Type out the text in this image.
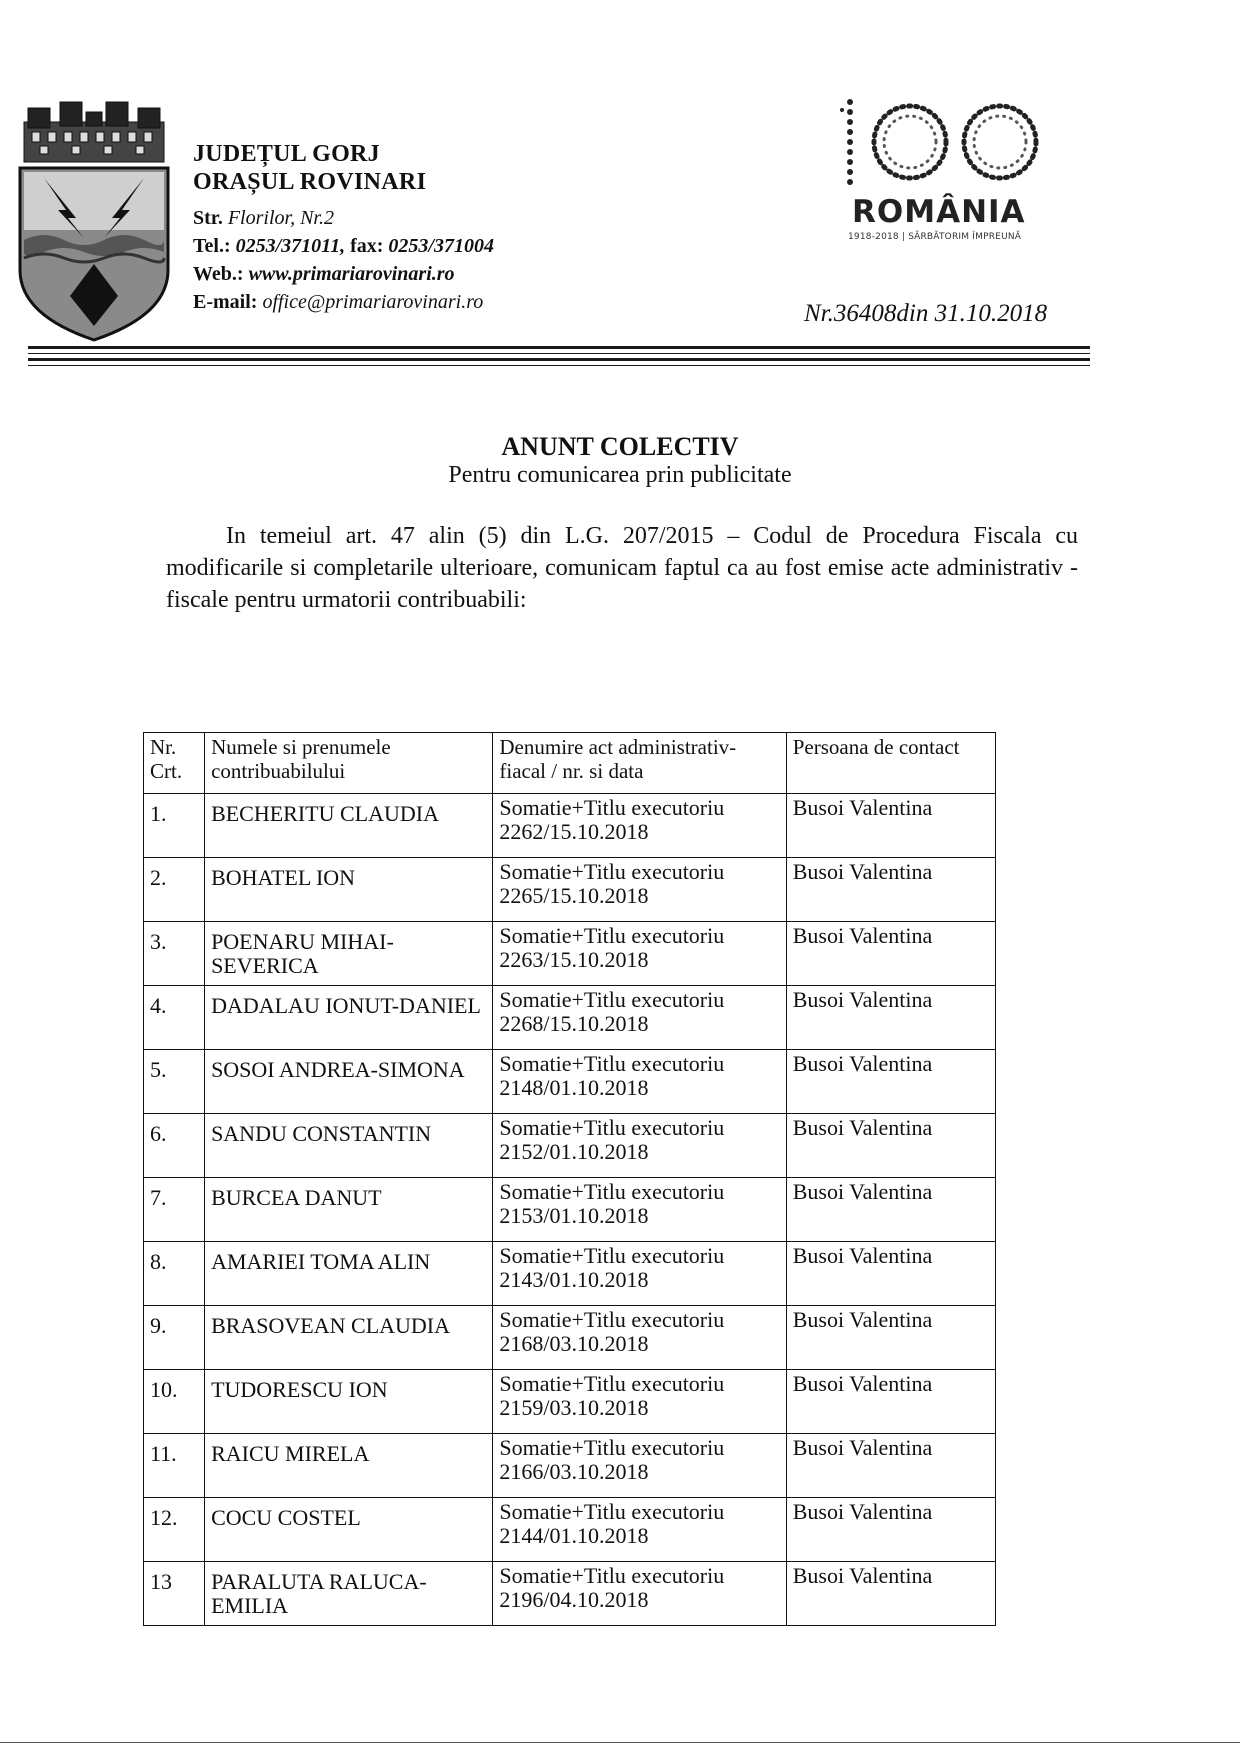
JUDEȚUL GORJ
ORAȘUL ROVINARI
Str. Florilor, Nr.2
Tel.: 0253/371011, fax: 0253/371004
Web.: www.primariarovinari.ro
E-mail: office@primariarovinari.ro
ROMÂNIA
1918-2018 | SĂRBĂTORIM ÎMPREUNĂ
Nr.36408din 31.10.2018
ANUNT COLECTIV
Pentru comunicarea prin publicitate
In temeiul art. 47 alin (5) din L.G. 207/2015 – Codul de Procedura Fiscala cu modificarile si completarile ulterioare, comunicam faptul ca au fost emise acte administrativ - fiscale pentru urmatorii contribuabili:
Nr. Crt.	Numele si prenumele contribuabilului	Denumire act administrativ-fiacal / nr. si data	Persoana de contact
1.	BECHERITU CLAUDIA	Somatie+Titlu executoriu 2262/15.10.2018	Busoi Valentina
2.	BOHATEL ION	Somatie+Titlu executoriu 2265/15.10.2018	Busoi Valentina
3.	POENARU MIHAI-SEVERICA	Somatie+Titlu executoriu 2263/15.10.2018	Busoi Valentina
4.	DADALAU IONUT-DANIEL	Somatie+Titlu executoriu 2268/15.10.2018	Busoi Valentina
5.	SOSOI ANDREA-SIMONA	Somatie+Titlu executoriu 2148/01.10.2018	Busoi Valentina
6.	SANDU CONSTANTIN	Somatie+Titlu executoriu 2152/01.10.2018	Busoi Valentina
7.	BURCEA DANUT	Somatie+Titlu executoriu 2153/01.10.2018	Busoi Valentina
8.	AMARIEI TOMA ALIN	Somatie+Titlu executoriu 2143/01.10.2018	Busoi Valentina
9.	BRASOVEAN CLAUDIA	Somatie+Titlu executoriu 2168/03.10.2018	Busoi Valentina
10.	TUDORESCU ION	Somatie+Titlu executoriu 2159/03.10.2018	Busoi Valentina
11.	RAICU MIRELA	Somatie+Titlu executoriu 2166/03.10.2018	Busoi Valentina
12.	COCU COSTEL	Somatie+Titlu executoriu 2144/01.10.2018	Busoi Valentina
13	PARALUTA RALUCA-EMILIA	Somatie+Titlu executoriu 2196/04.10.2018	Busoi Valentina
